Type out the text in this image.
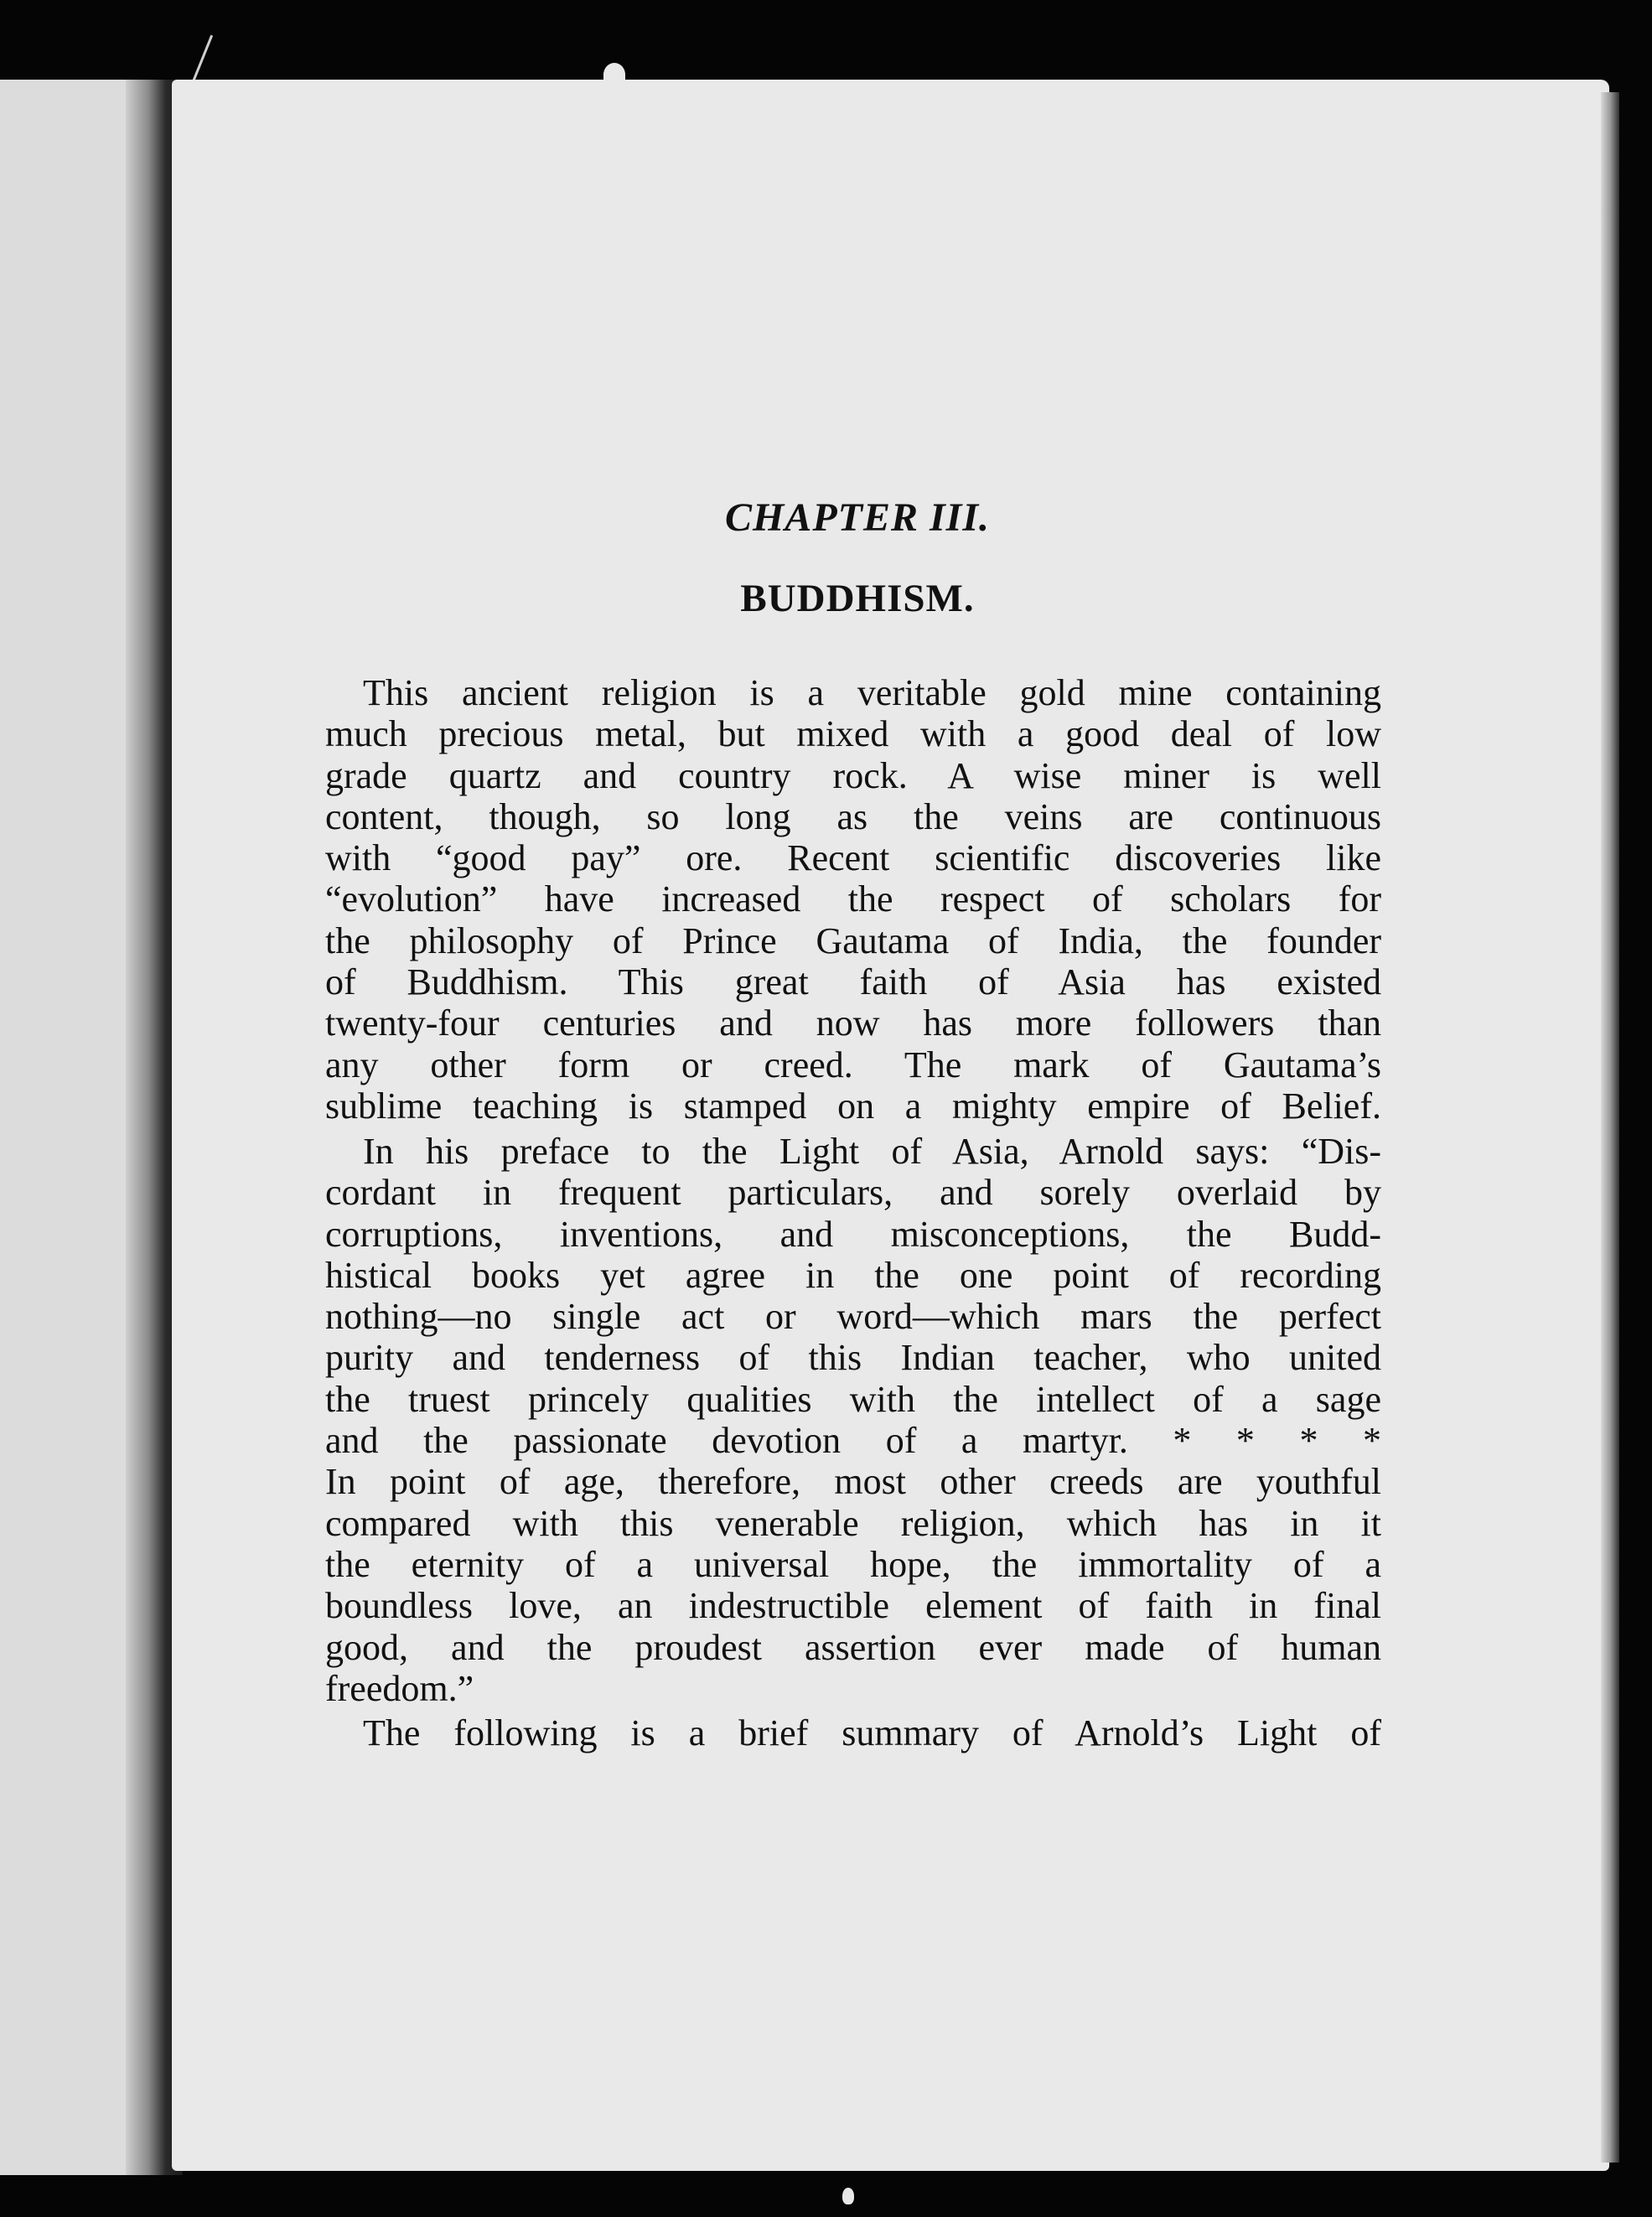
CHAPTER III.
BUDDHISM.

This ancient religion is a veritable gold mine containing
much precious metal, but mixed with a good deal of low
grade quartz and country rock. A wise miner is well
content, though, so long as the veins are continuous
with “good pay” ore. Recent scientific discoveries like
“evolution” have increased the respect of scholars for
the philosophy of Prince Gautama of India, the founder
of Buddhism. This great faith of Asia has existed
twenty-four centuries and now has more followers than
any other form or creed. The mark of Gautama’s
sublime teaching is stamped on a mighty empire of Belief.

In his preface to the Light of Asia, Arnold says: “Dis-
cordant in frequent particulars, and sorely overlaid by
corruptions, inventions, and misconceptions, the Budd-
histical books yet agree in the one point of recording
nothing—no single act or word—which mars the perfect
purity and tenderness of this Indian teacher, who united
the truest princely qualities with the intellect of a sage
and the passionate devotion of a martyr. * * * *
In point of age, therefore, most other creeds are youthful
compared with this venerable religion, which has in it
the eternity of a universal hope, the immortality of a
boundless love, an indestructible element of faith in final
good, and the proudest assertion ever made of human
freedom.”

The following is a brief summary of Arnold’s Light of
